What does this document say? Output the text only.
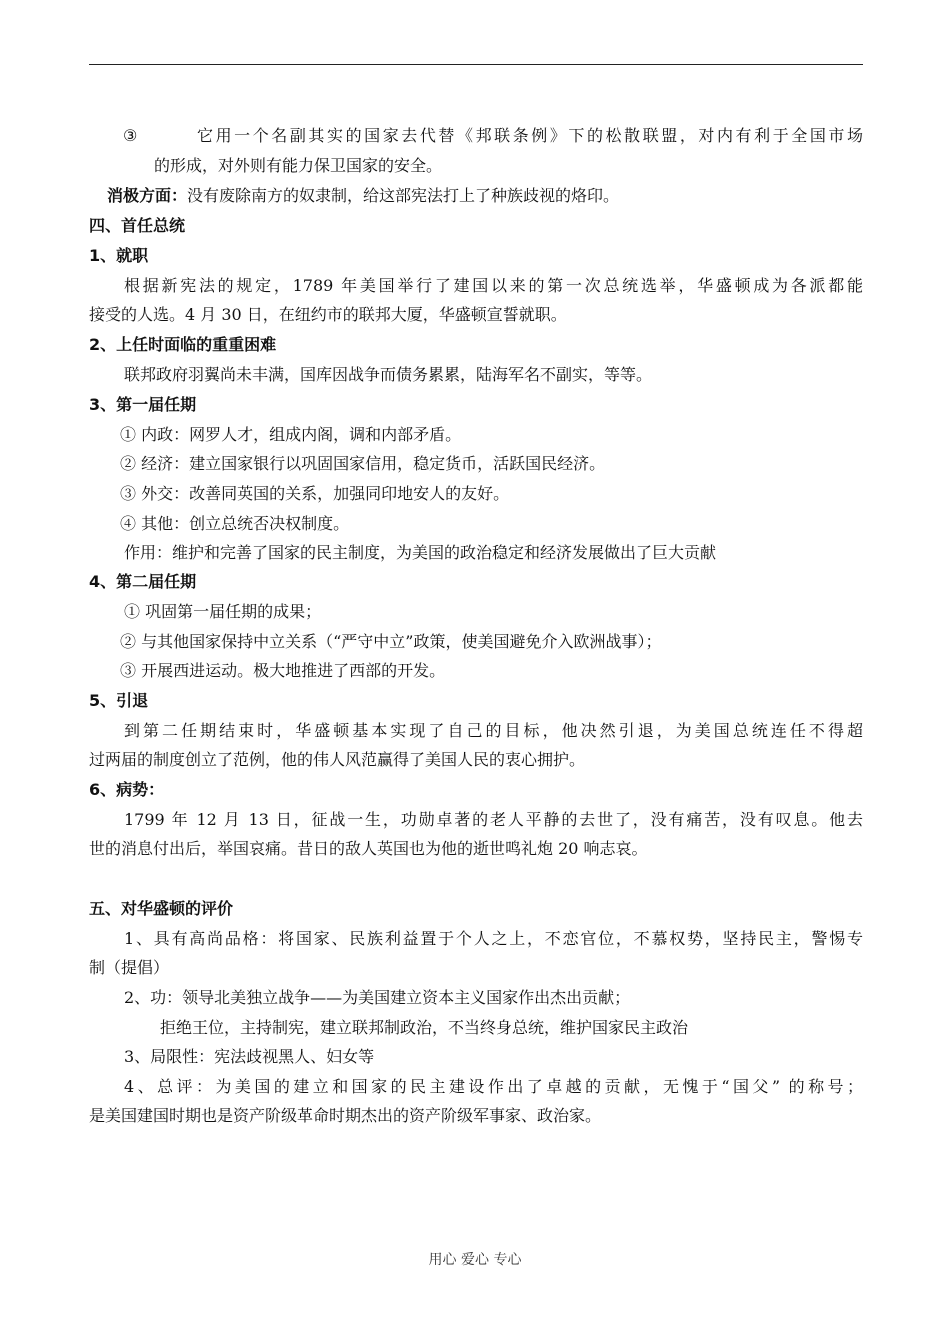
③	它用一个名副其实的国家去代替《邦联条例》下的松散联盟，对内有利于全国市场
的形成，对外则有能力保卫国家的安全。
消极方面：没有废除南方的奴隶制，给这部宪法打上了种族歧视的烙印。
四、首任总统
1、就职
根据新宪法的规定，1789 年美国举行了建国以来的第一次总统选举，华盛顿成为各派都能
接受的人选。4 月 30 日，在纽约市的联邦大厦，华盛顿宣誓就职。
2、上任时面临的重重困难
联邦政府羽翼尚未丰满，国库因战争而债务累累，陆海军名不副实，等等。
3、第一届任期
① 内政：网罗人才，组成内阁，调和内部矛盾。
② 经济：建立国家银行以巩固国家信用，稳定货币，活跃国民经济。
③ 外交：改善同英国的关系，加强同印地安人的友好。
④ 其他：创立总统否决权制度。
作用：维护和完善了国家的民主制度，为美国的政治稳定和经济发展做出了巨大贡献
4、第二届任期
① 巩固第一届任期的成果；
② 与其他国家保持中立关系（“严守中立”政策，使美国避免介入欧洲战事）；
③ 开展西进运动。极大地推进了西部的开发。
5、引退
到第二任期结束时，华盛顿基本实现了自己的目标，他决然引退，为美国总统连任不得超
过两届的制度创立了范例，他的伟人风范赢得了美国人民的衷心拥护。
6、病势：
1799 年 12 月 13 日，征战一生，功勋卓著的老人平静的去世了，没有痛苦，没有叹息。他去
世的消息付出后，举国哀痛。昔日的敌人英国也为他的逝世鸣礼炮 20 响志哀。
五、对华盛顿的评价
1、具有高尚品格：将国家、民族利益置于个人之上，不恋官位，不慕权势，坚持民主，警惕专
制（提倡）
2、功：领导北美独立战争——为美国建立资本主义国家作出杰出贡献；
拒绝王位，主持制宪，建立联邦制政治，不当终身总统，维护国家民主政治
3、局限性：宪法歧视黑人、妇女等
4、总评：为美国的建立和国家的民主建设作出了卓越的贡献，无愧于“国父” 的称号；
是美国建国时期也是资产阶级革命时期杰出的资产阶级军事家、政治家。
用心 爱心 专心
